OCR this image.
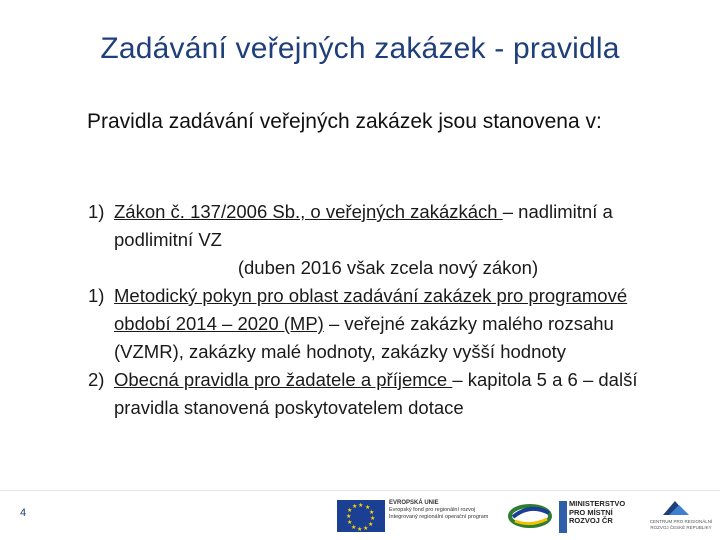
Zadávání veřejných zakázek - pravidla
Pravidla zadávání veřejných zakázek jsou stanovena v:
1) Zákon č. 137/2006 Sb., o veřejných zakázkách – nadlimitní a podlimitní VZ
(duben 2016 však zcela nový zákon)
1) Metodický pokyn pro oblast zadávání zakázek pro programové období 2014 – 2020 (MP) – veřejné zakázky malého rozsahu (VZMR), zakázky malé hodnoty, zakázky vyšší hodnoty
2) Obecná pravidla pro žadatele a příjemce – kapitola 5 a 6 – další pravidla stanovená poskytovatelem dotace
4
★ ★
★
★
★
★
★
★
★
★
★
★
EVROPSKÁ UNIE
Evropský fond pro regionální rozvoj
Integrovaný regionální operační program
MINISTERSTVO
PRO MÍSTNÍ
ROZVOJ ČR	CENTRUM PRO REGIONÁLNÍ ROZVOJ ČESKÉ REPUBLIKY
